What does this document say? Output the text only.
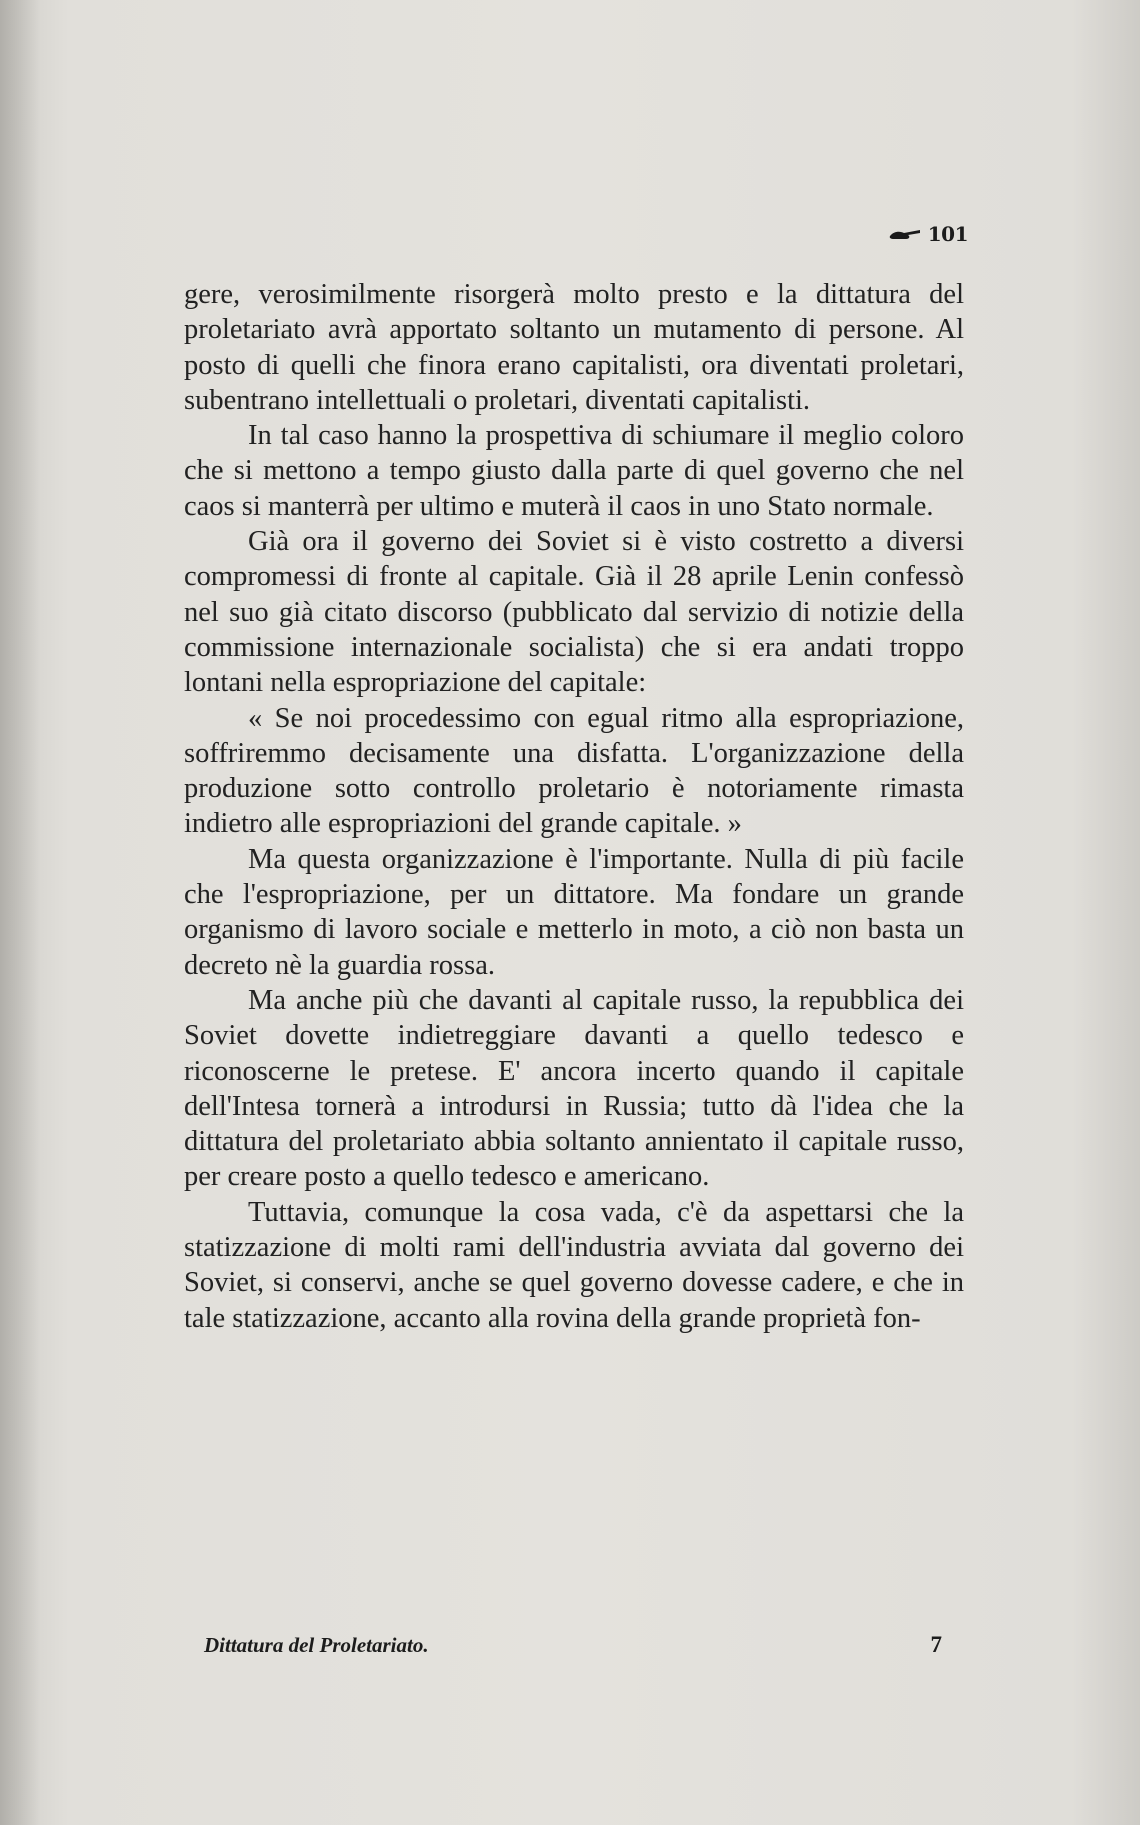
101

gere, verosimilmente risorgerà molto presto e la dittatura del proletariato avrà apportato soltanto un mutamento di persone. Al posto di quelli che finora erano capitalisti, ora diventati proletari, subentrano intellettuali o proletari, diventati capitalisti.

In tal caso hanno la prospettiva di schiumare il meglio coloro che si mettono a tempo giusto dalla parte di quel governo che nel caos si manterrà per ultimo e muterà il caos in uno Stato normale.

Già ora il governo dei Soviet si è visto costretto a diversi compromessi di fronte al capitale. Già il 28 aprile Lenin confessò nel suo già citato discorso (pubblicato dal servizio di notizie della commissione internazionale socialista) che si era andati troppo lontani nella espropriazione del capitale:

« Se noi procedessimo con egual ritmo alla espropriazione, soffriremmo decisamente una disfatta. L'organizzazione della produzione sotto controllo proletario è notoriamente rimasta indietro alle espropriazioni del grande capitale. »

Ma questa organizzazione è l'importante. Nulla di più facile che l'espropriazione, per un dittatore. Ma fondare un grande organismo di lavoro sociale e metterlo in moto, a ciò non basta un decreto nè la guardia rossa.

Ma anche più che davanti al capitale russo, la repubblica dei Soviet dovette indietreggiare davanti a quello tedesco e riconoscerne le pretese. E' ancora incerto quando il capitale dell'Intesa tornerà a introdursi in Russia; tutto dà l'idea che la dittatura del proletariato abbia soltanto annientato il capitale russo, per creare posto a quello tedesco e americano.

Tuttavia, comunque la cosa vada, c'è da aspettarsi che la statizzazione di molti rami dell'industria avviata dal governo dei Soviet, si conservi, anche se quel governo dovesse cadere, e che in tale statizzazione, accanto alla rovina della grande proprietà fon-

Dittatura del Proletariato.	7
